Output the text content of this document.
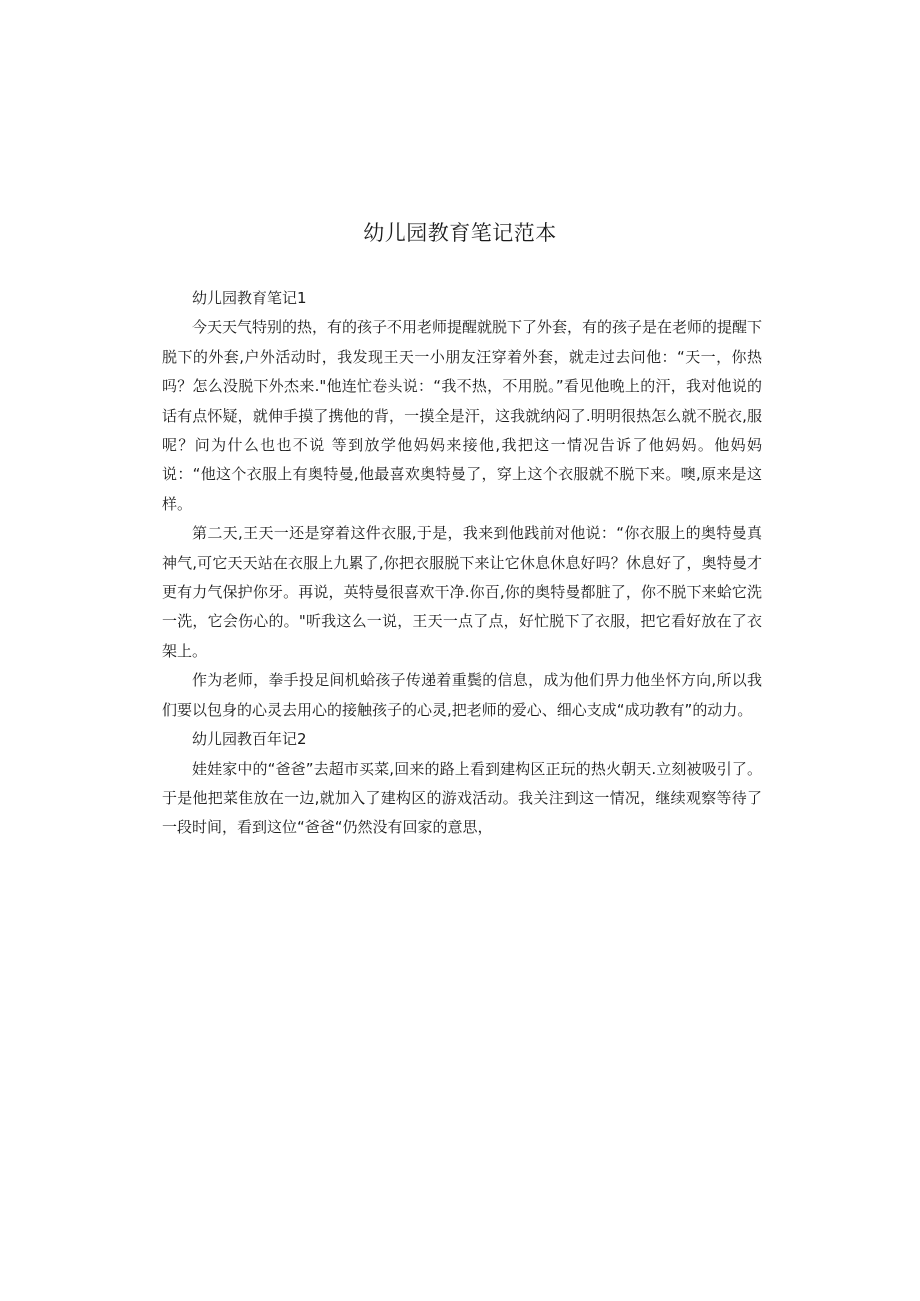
幼儿园教育笔记范本

幼儿园教育笔记1

今天天气特别的热，有的孩子不用老师提醒就脱下了外套，有的孩子是在老师的提醒下脱下的外套,户外活动时，我发现王天一小朋友汪穿着外套，就走过去问他：“天一，你热吗？怎么没脱下外杰来."他连忙卷头说：“我不热，不用脱。”看见他晚上的汗，我对他说的话有点怀疑，就伸手摸了携他的背，一摸全是汗，这我就纳闷了.明明很热怎么就不脱衣,服呢？问为什么也也不说 等到放学他妈妈来接他,我把这一情况告诉了他妈妈。他妈妈说：“他这个衣服上有奥特曼,他最喜欢奥特曼了，穿上这个衣服就不脱下来。噢,原来是这样。

第二天,王天一还是穿着这件衣服,于是，我来到他践前对他说：“你衣服上的奥特曼真神气,可它天天站在衣服上九累了,你把衣服脱下来让它休息休息好吗？休息好了，奥特曼才更有力气保护你牙。再说，英特曼很喜欢干净.你百,你的奥特曼都脏了，你不脱下来蛤它洗一洗，它会伤心的。"听我这么一说，王天一点了点，好忙脱下了衣服，把它看好放在了衣架上。

作为老师，拳手投足间机蛤孩子传递着重鬓的信息，成为他们畀力他坐怀方向,所以我们要以包身的心灵去用心的接触孩子的心灵,把老师的爱心、细心支成“成功教有”的动力。

幼儿园教百年记2

娃娃家中的“爸爸”去超市买菜,回来的路上看到建构区正玩的热火朝天.立刻被吸引了。于是他把菜隹放在一边,就加入了建构区的游戏活动。我关注到这一情况，继续观察等待了一段时间，看到这位“爸爸“仍然没有回家的意思，
